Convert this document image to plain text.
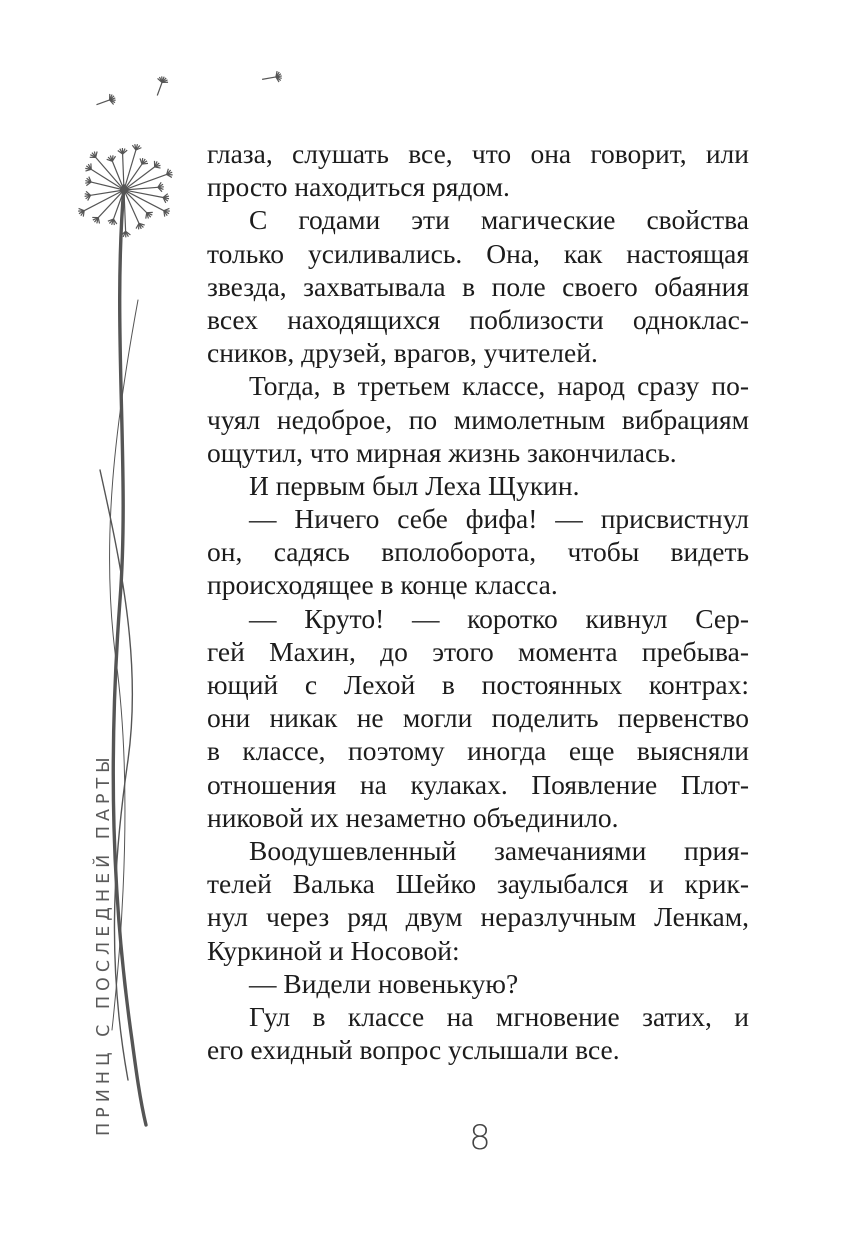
ПРИНЦ С ПОСЛЕДНЕЙ ПАРТЫ
глаза, слушать все, что она говорит, или
просто находиться рядом.
С годами эти магические свойства
только усиливались. Она, как настоящая
звезда, захватывала в поле своего обаяния
всех находящихся поблизости одноклас-
сников, друзей, врагов, учителей.
Тогда, в третьем классе, народ сразу по-
чуял недоброе, по мимолетным вибрациям
ощутил, что мирная жизнь закончилась.
И первым был Леха Щукин.
— Ничего себе фифа! — присвистнул
он, садясь вполоборота, чтобы видеть
происходящее в конце класса.
— Круто! — коротко кивнул Сер-
гей Махин, до этого момента пребыва-
ющий с Лехой в постоянных контрах:
они никак не могли поделить первенство
в классе, поэтому иногда еще выясняли
отношения на кулаках. Появление Плот-
никовой их незаметно объединило.
Воодушевленный замечаниями прия-
телей Валька Шейко заулыбался и крик-
нул через ряд двум неразлучным Ленкам,
Куркиной и Носовой:
— Видели новенькую?
Гул в классе на мгновение затих, и
его ехидный вопрос услышали все.
8
